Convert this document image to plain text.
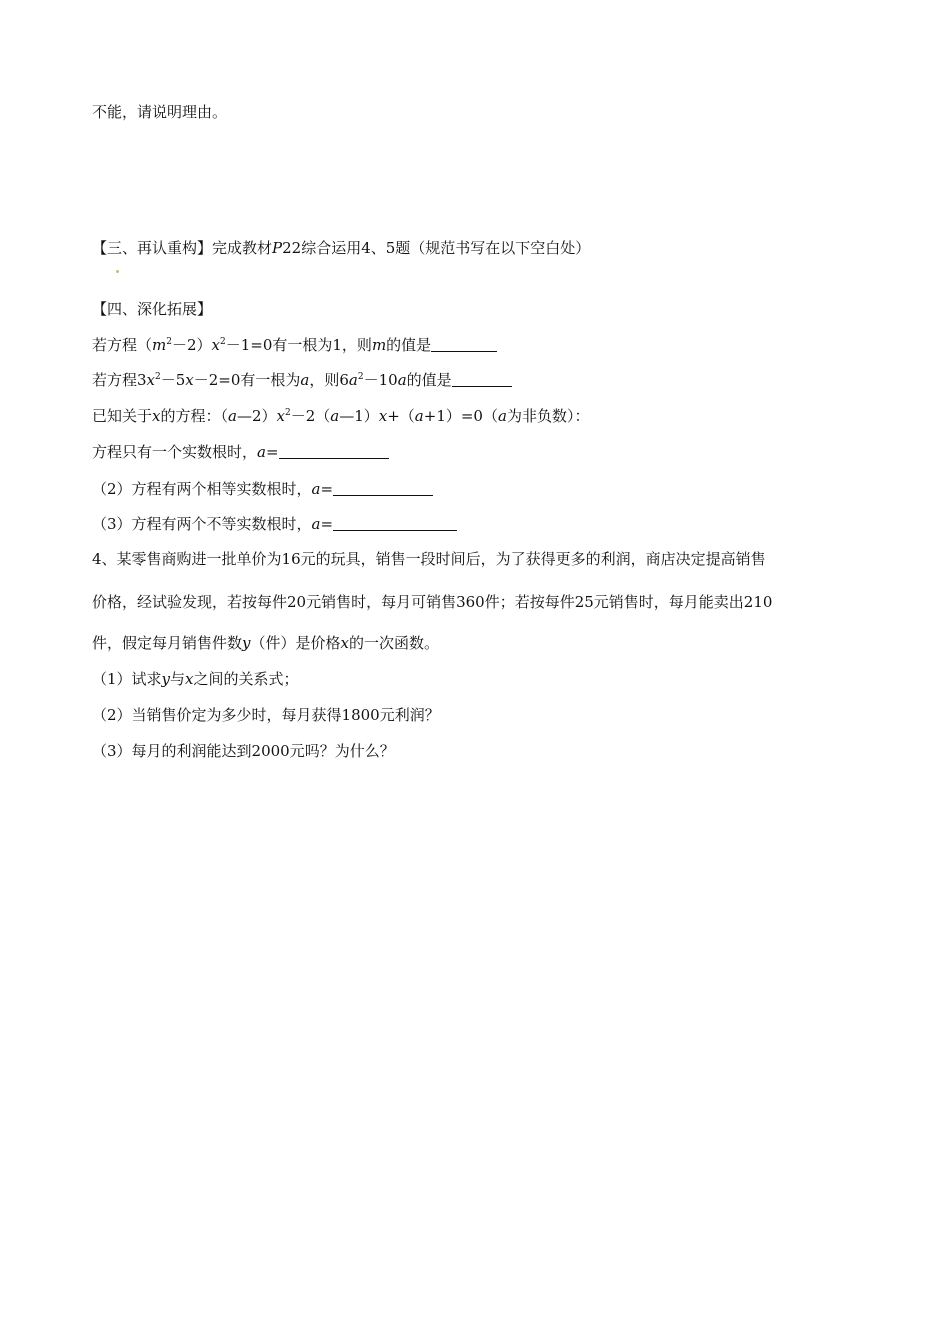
不能，请说明理由。
【三、再认重构】完成教材P22综合运用4、5题（规范书写在以下空白处）
【四、深化拓展】
若方程$(m^2-2)x^2-1=0$有一根为1，则m的值是
若方程$3x^2-5x-2=0$有一根为a，则$6a^2-10a$的值是
已知关于x的方程：$(a—2)x^2-2(a—1)x+(a+1)=0(a$为非负数）：
方程只有一个实数根时，a=
（2）方程有两个相等实数根时，a=
（3）方程有两个不等实数根时，a=
4、某零售商购进一批单价为16元的玩具，销售一段时间后，为了获得更多的利润，商店决定提高销售
价格，经试验发现，若按每件20元销售时，每月可销售360件；若按每件25元销售时，每月能卖出210
件，假定每月销售件数y（件）是价格x的一次函数。
（1）试求y与x之间的关系式；
（2）当销售价定为多少时，每月获得1800元利润？
（3）每月的利润能达到2000元吗？为什么？
